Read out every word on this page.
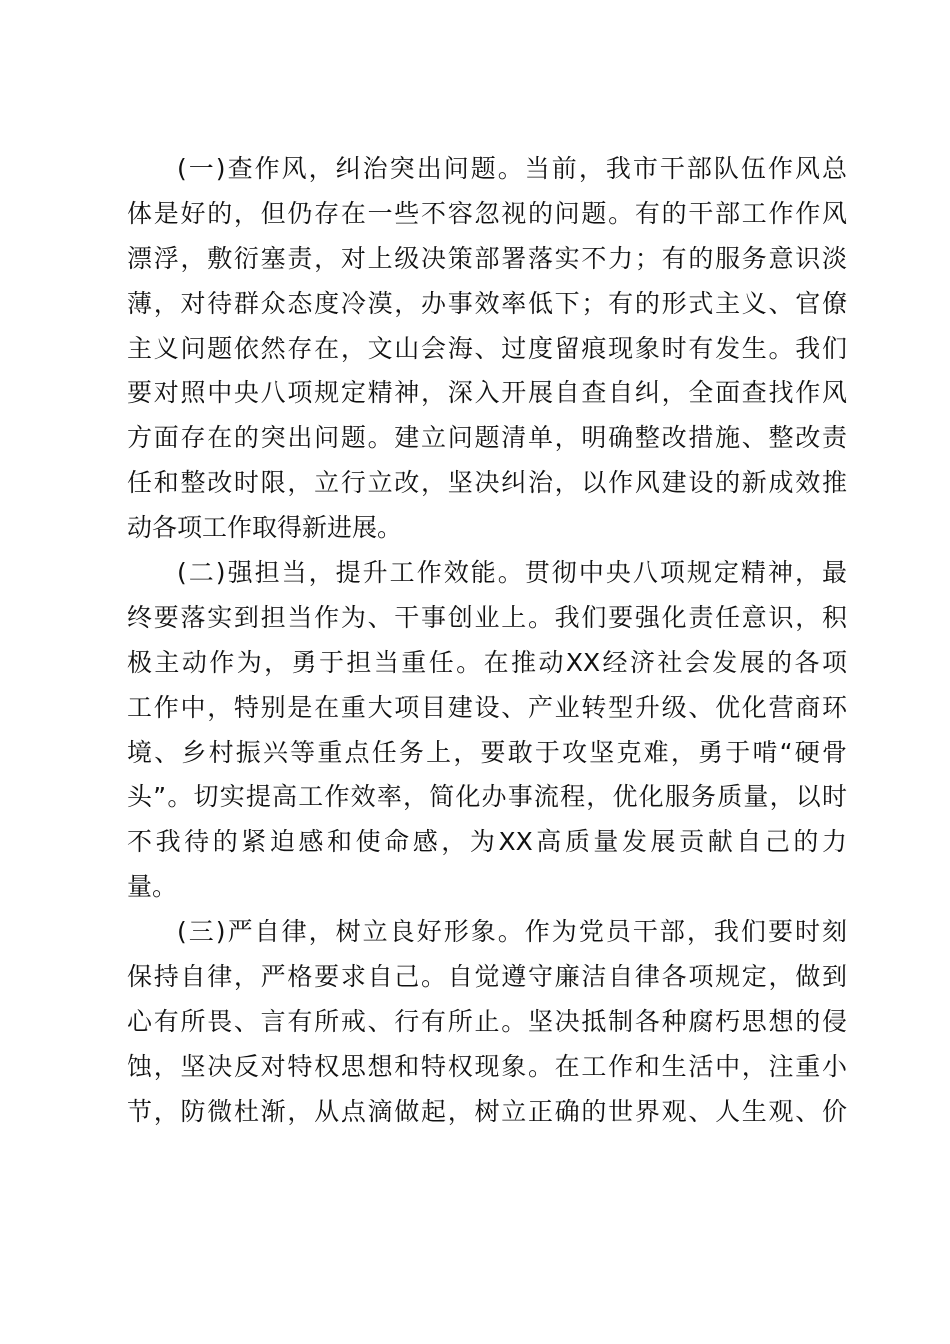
(一)查作风，纠治突出问题。当前，我市干部队伍作风总
体是好的，但仍存在一些不容忽视的问题。有的干部工作作风
漂浮，敷衍塞责，对上级决策部署落实不力；有的服务意识淡
薄，对待群众态度冷漠，办事效率低下；有的形式主义、官僚
主义问题依然存在，文山会海、过度留痕现象时有发生。我们
要对照中央八项规定精神，深入开展自查自纠，全面查找作风
方面存在的突出问题。建立问题清单，明确整改措施、整改责
任和整改时限，立行立改，坚决纠治，以作风建设的新成效推
动各项工作取得新进展。
(二)强担当，提升工作效能。贯彻中央八项规定精神，最
终要落实到担当作为、干事创业上。我们要强化责任意识，积
极主动作为，勇于担当重任。在推动XX经济社会发展的各项
工作中，特别是在重大项目建设、产业转型升级、优化营商环
境、乡村振兴等重点任务上，要敢于攻坚克难，勇于啃“硬骨
头”。切实提高工作效率，简化办事流程，优化服务质量，以时
不我待的紧迫感和使命感，为XX高质量发展贡献自己的力
量。
(三)严自律，树立良好形象。作为党员干部，我们要时刻
保持自律，严格要求自己。自觉遵守廉洁自律各项规定，做到
心有所畏、言有所戒、行有所止。坚决抵制各种腐朽思想的侵
蚀，坚决反对特权思想和特权现象。在工作和生活中，注重小
节，防微杜渐，从点滴做起，树立正确的世界观、人生观、价
